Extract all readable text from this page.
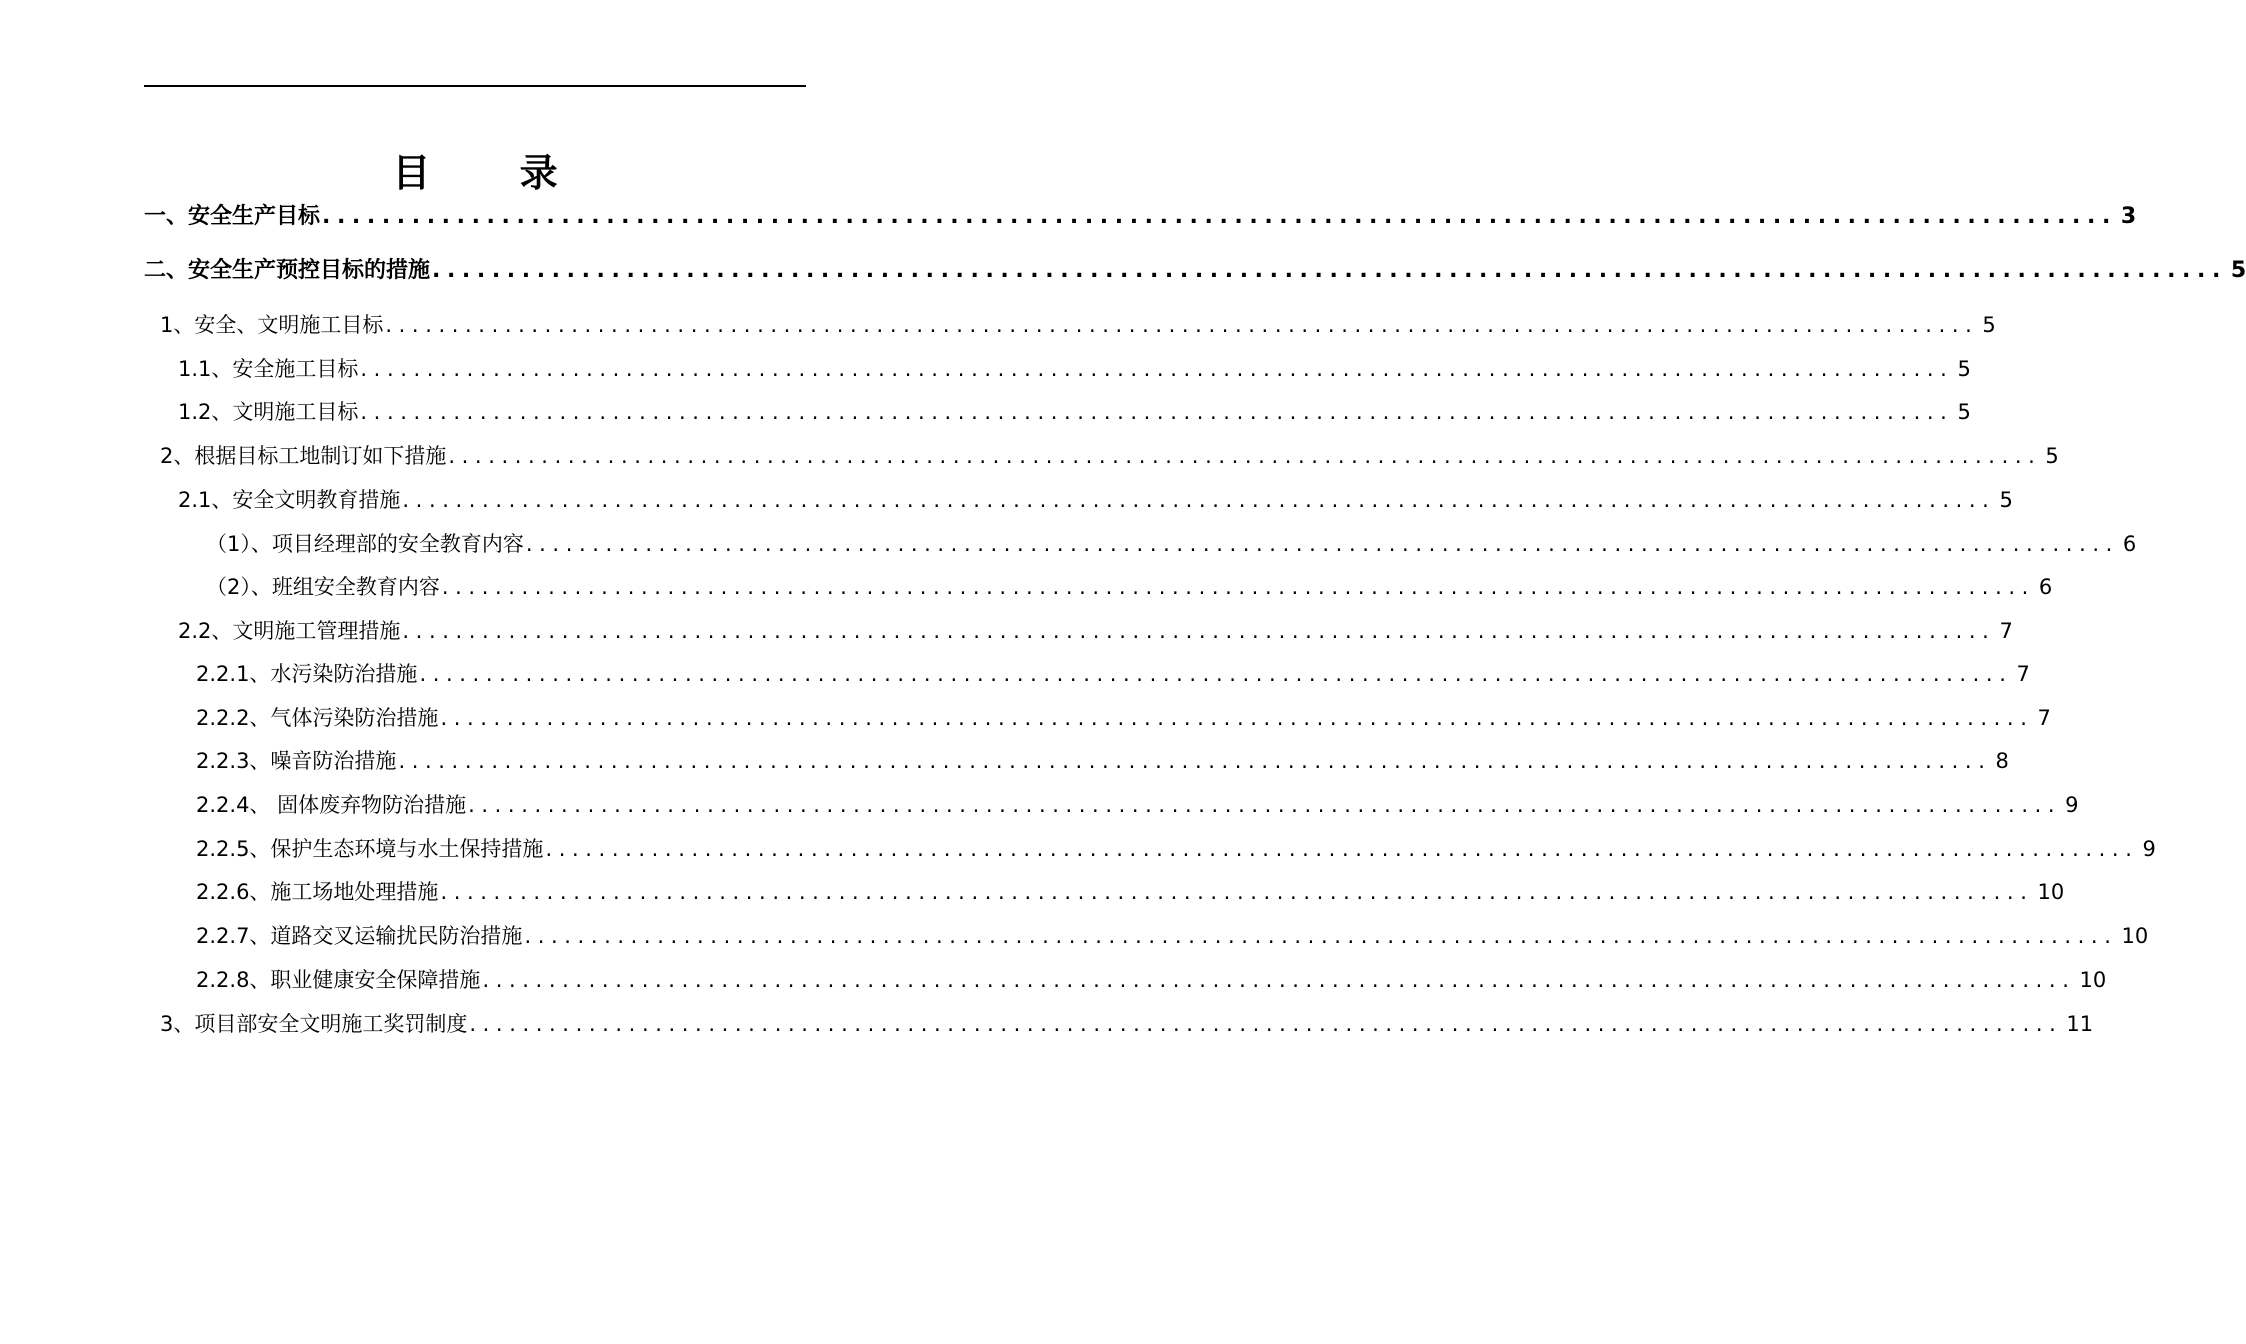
目 录
一、安全生产目标 ........................................................................................................................ 3
二、安全生产预控目标的措施 ........................................................................................................................ 5
1、安全、文明施工目标 ........................................................................................................................ 5
1.1、安全施工目标 ........................................................................................................................ 5
1.2、文明施工目标 ........................................................................................................................ 5
2、根据目标工地制订如下措施 ........................................................................................................................ 5
2.1、安全文明教育措施 ........................................................................................................................ 5
（1）、项目经理部的安全教育内容 ........................................................................................................................ 6
（2）、班组安全教育内容 ........................................................................................................................ 6
2.2、文明施工管理措施 ........................................................................................................................ 7
2.2.1、水污染防治措施 ........................................................................................................................ 7
2.2.2、气体污染防治措施 ........................................................................................................................ 7
2.2.3、噪音防治措施 ........................................................................................................................ 8
2.2.4、 固体废弃物防治措施 ........................................................................................................................ 9
2.2.5、保护生态环境与水土保持措施 ........................................................................................................................ 9
2.2.6、施工场地处理措施 ........................................................................................................................ 10
2.2.7、道路交叉运输扰民防治措施 ........................................................................................................................ 10
2.2.8、职业健康安全保障措施 ........................................................................................................................ 10
3、项目部安全文明施工奖罚制度 ........................................................................................................................ 11
